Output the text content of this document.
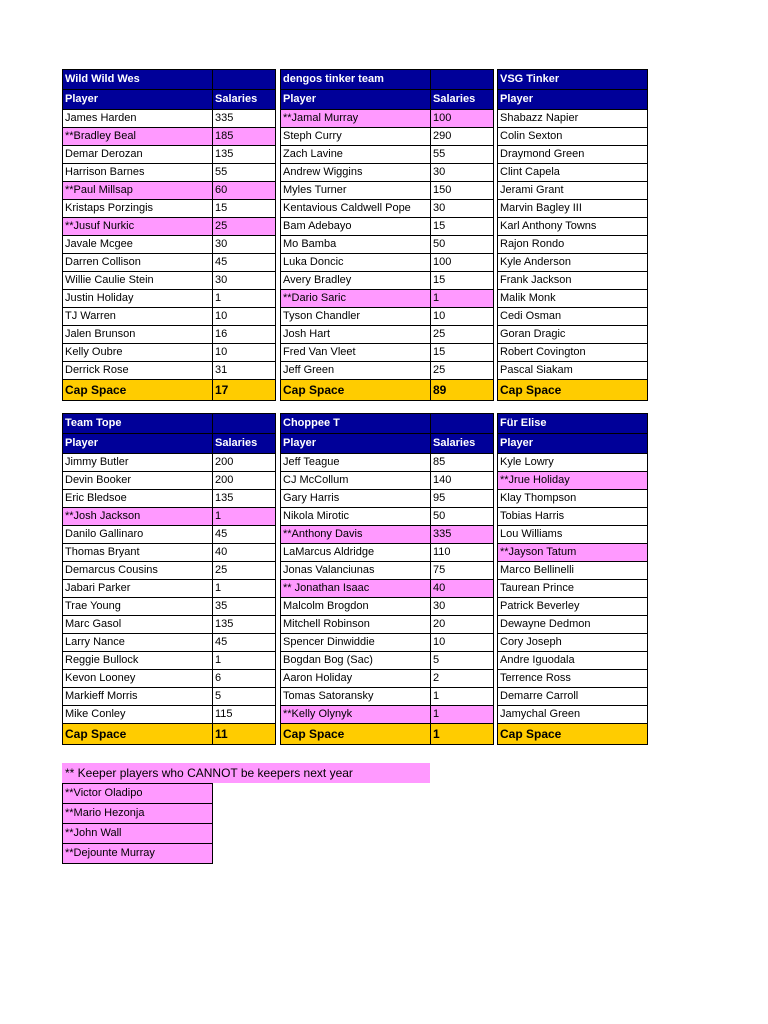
Wild Wild Wes	
Player	Salaries
James Harden	335
**Bradley Beal	185
Demar Derozan	135
Harrison Barnes	55
**Paul Millsap	60
Kristaps Porzingis	15
**Jusuf Nurkic	25
Javale Mcgee	30
Darren Collison	45
Willie Caulie Stein	30
Justin Holiday	1
TJ Warren	10
Jalen Brunson	16
Kelly Oubre	10
Derrick Rose	31
Cap Space	17
dengos tinker team	
Player	Salaries
**Jamal Murray	100
Steph Curry	290
Zach Lavine	55
Andrew Wiggins	30
Myles Turner	150
Kentavious Caldwell Pope	30
Bam Adebayo	15
Mo Bamba	50
Luka Doncic	100
Avery Bradley	15
**Dario Saric	1
Tyson Chandler	10
Josh Hart	25
Fred Van Vleet	15
Jeff Green	25
Cap Space	89
VSG Tinker
Player
Shabazz Napier
Colin Sexton
Draymond Green
Clint Capela
Jerami Grant
Marvin Bagley III
Karl Anthony Towns
Rajon Rondo
Kyle Anderson
Frank Jackson
Malik Monk
Cedi Osman
Goran Dragic
Robert Covington
Pascal Siakam
Cap Space
Team Tope	
Player	Salaries
Jimmy Butler	200
Devin Booker	200
Eric Bledsoe	135
**Josh Jackson	1
Danilo Gallinaro	45
Thomas Bryant	40
Demarcus Cousins	25
Jabari Parker	1
Trae Young	35
Marc Gasol	135
Larry Nance	45
Reggie Bullock	1
Kevon Looney	6
Markieff Morris	5
Mike Conley	115
Cap Space	11
Choppee T	
Player	Salaries
Jeff Teague	85
CJ McCollum	140
Gary Harris	95
Nikola Mirotic	50
**Anthony Davis	335
LaMarcus Aldridge	110
Jonas Valanciunas	75
** Jonathan Isaac	40
Malcolm Brogdon	30
Mitchell Robinson	20
Spencer Dinwiddie	10
Bogdan Bog (Sac)	5
Aaron Holiday	2
Tomas Satoransky	1
**Kelly Olynyk	1
Cap Space	1
Für Elise
Player
Kyle Lowry
**Jrue Holiday
Klay Thompson
Tobias Harris
Lou Williams
**Jayson Tatum
Marco Bellinelli
Taurean Prince
Patrick Beverley
Dewayne Dedmon
Cory Joseph
Andre Iguodala
Terrence Ross
Demarre Carroll
Jamychal Green
Cap Space
** Keeper players who CANNOT be keepers next year
**Victor Oladipo
**Mario Hezonja
**John Wall
**Dejounte Murray
